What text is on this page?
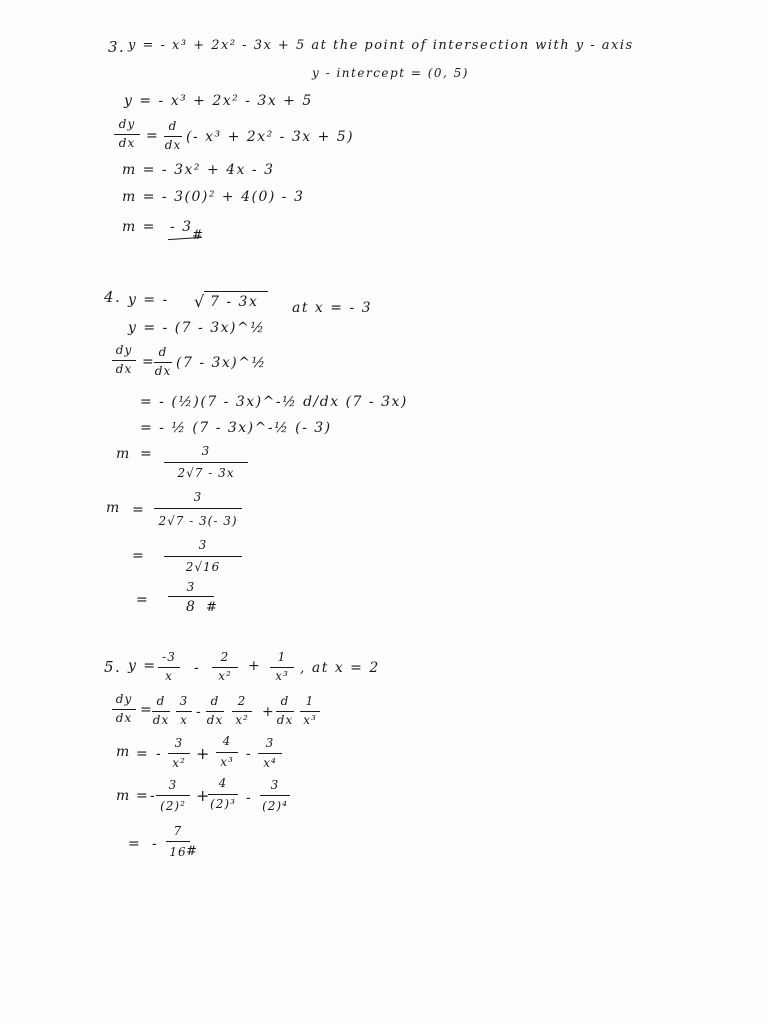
3. y = - x³ + 2x² - 3x + 5 at the point of intersection with y - axis
y - intercept = (0, 5)
y = - x³ + 2x² - 3x + 5
dy
dx =
d
dx (- x³ + 2x² - 3x + 5)
m = - 3x² + 4x - 3
m = - 3(0)² + 4(0) - 3
m = - 3
#
4. y = - √ 7 - 3x at x = - 3
y = - (7 - 3x)^½
dy
dx =
d
dx (7 - 3x)^½
= - (½)(7 - 3x)^-½ d/dx (7 - 3x)
= - ½ (7 - 3x)^-½ (- 3)
m =	3
2√7 - 3x
m =
3
2√7 - 3(- 3)
=
3
2√16
=
3
8 #
5. y =
-3
x	-
2
x²
+
1
x³ , at x = 2
dy
dx =
d
dx
3
x -
d
dx
2
x² +
d
dx
1
x³
m = -
3
x² +
4
x³ -
3
x⁴
m = -
3
(2)²
+
4
(2)³ -
3
(2)⁴
= -
7
16 #
